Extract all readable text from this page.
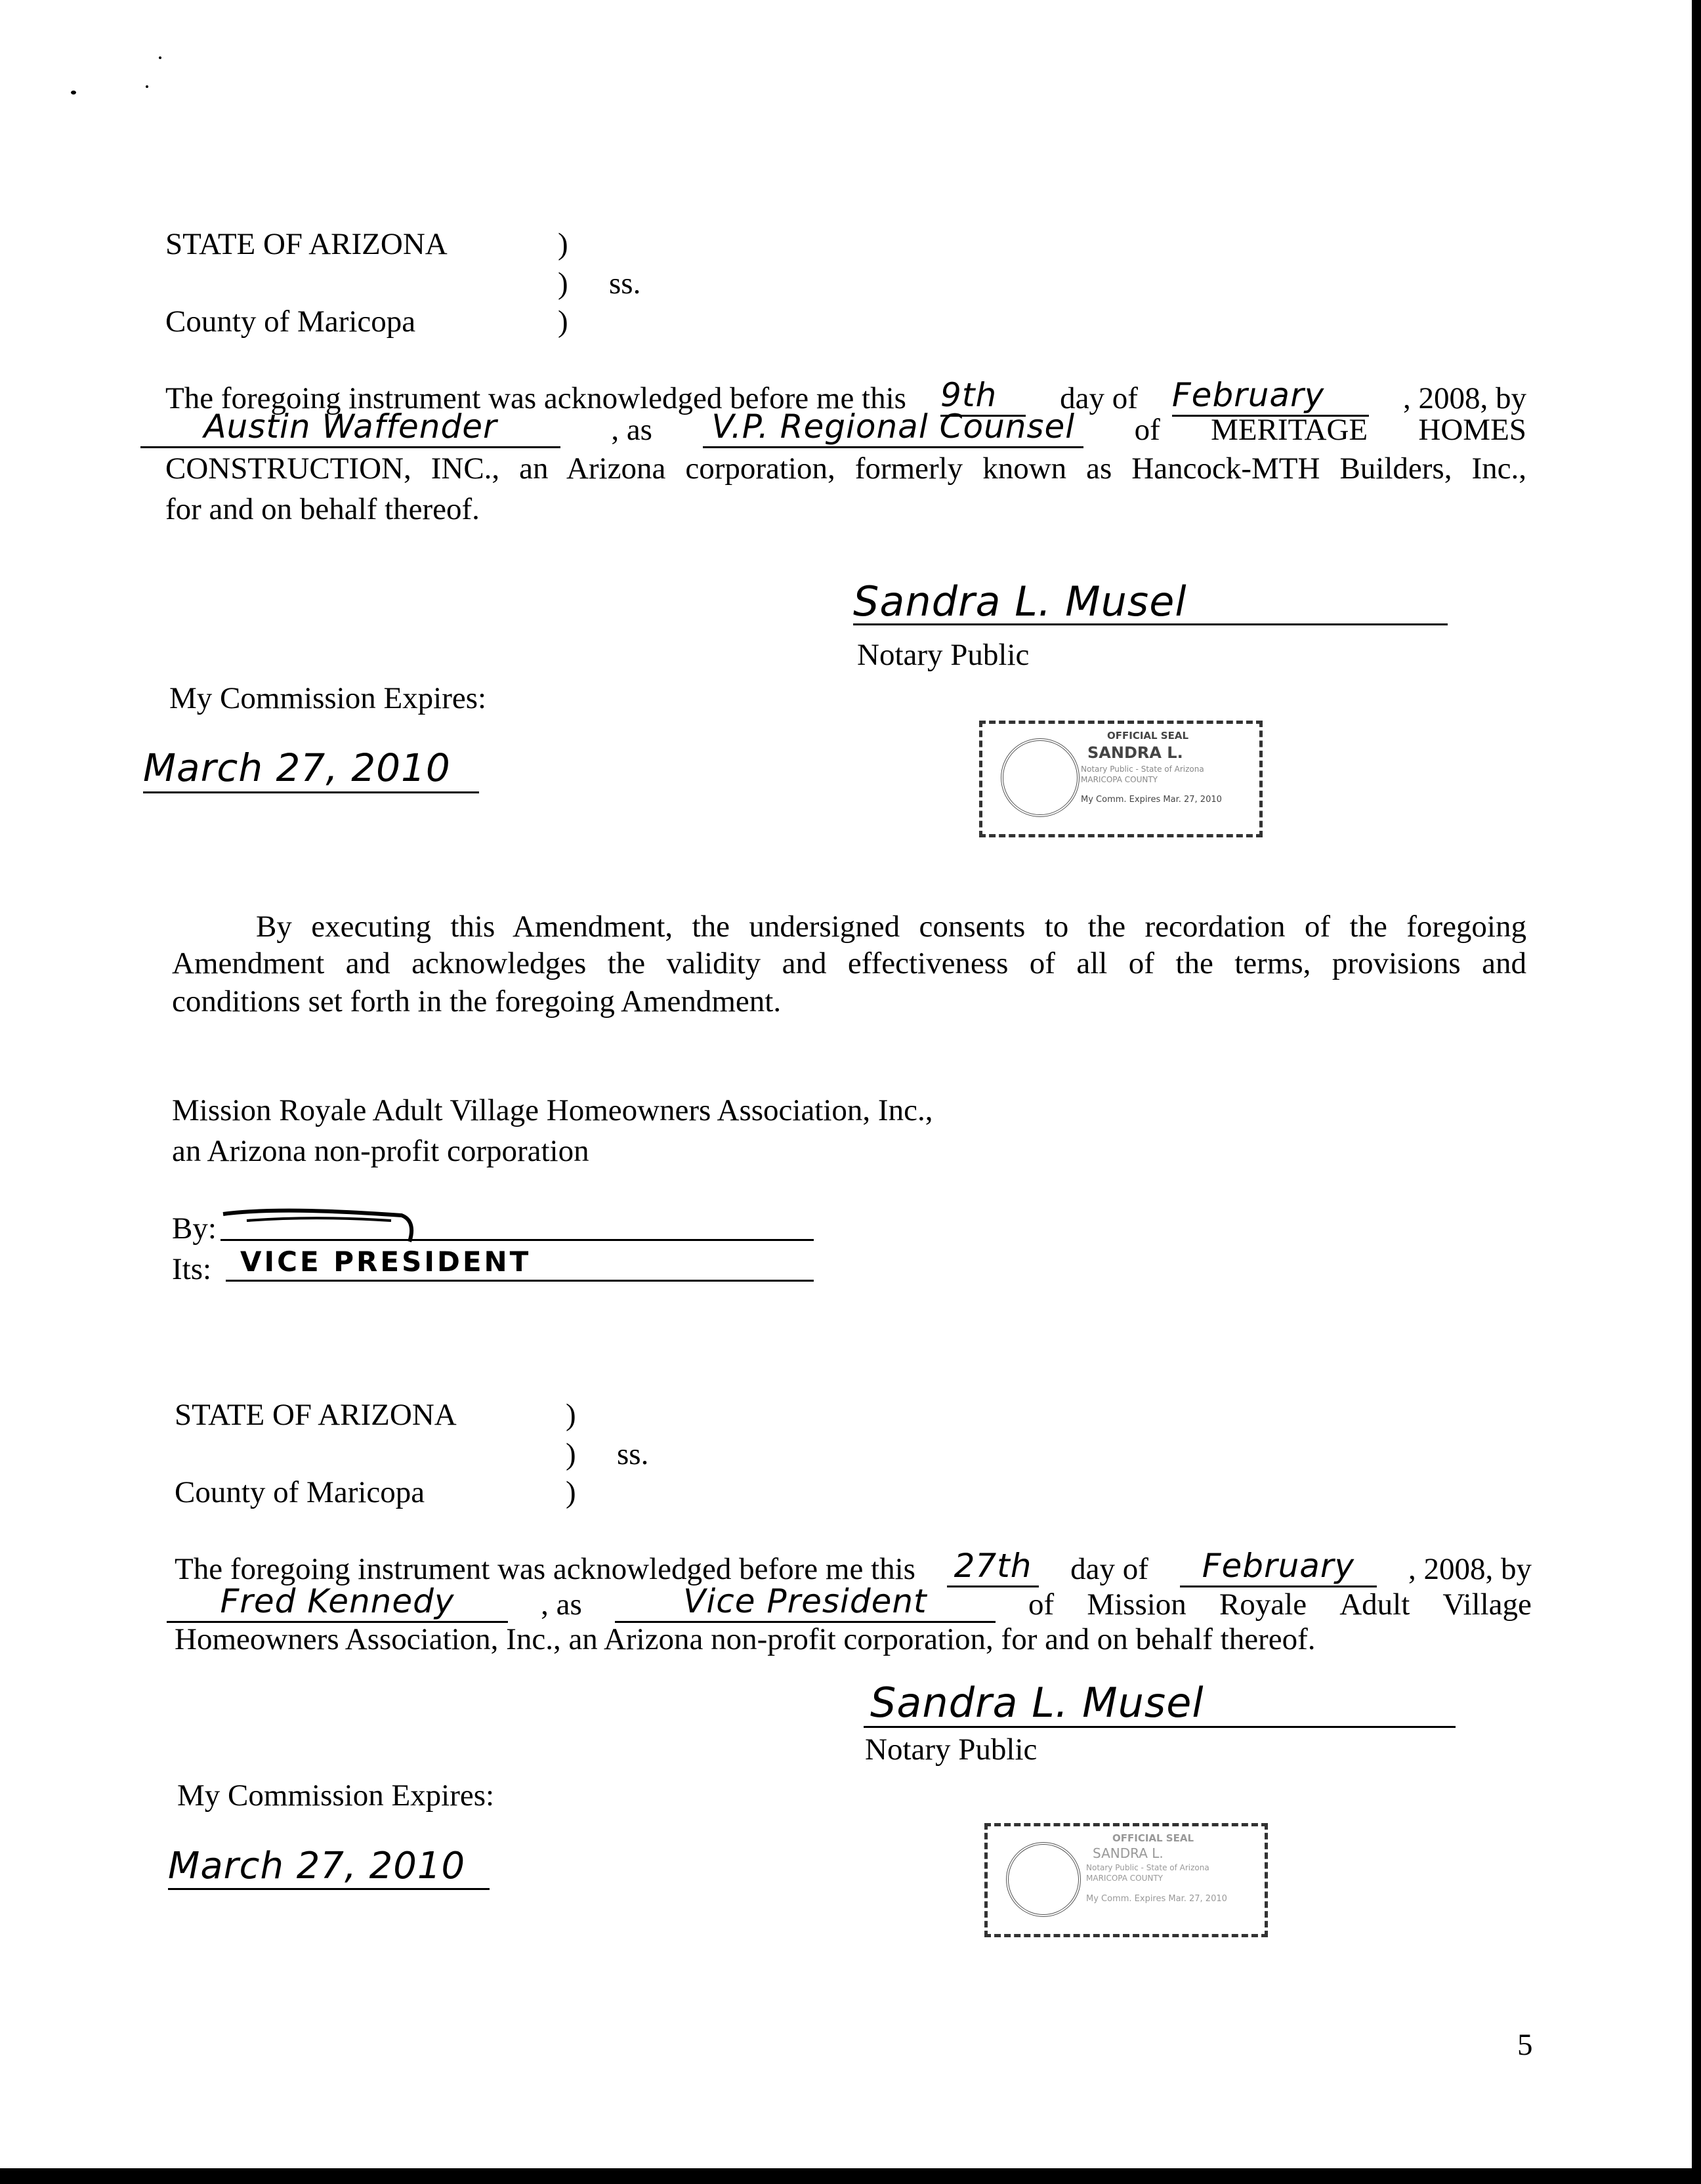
STATE OF ARIZONA	)
) ss.
County of Maricopa	)
The foregoing instrument was acknowledged before me this 9th	day of February	, 2008, by
Austin Waffender	, as V.P. Regional Counsel of MERITAGE HOMES
CONSTRUCTION, INC., an Arizona corporation, formerly known as Hancock-MTH Builders, Inc.,
for and on behalf thereof.
Sandra L. Musel
Notary Public
My Commission Expires:
March 27, 2010
OFFICIAL SEAL
SANDRA L.
Notary Public - State of Arizona
MARICOPA COUNTY
My Comm. Expires Mar. 27, 2010
By executing this Amendment, the undersigned consents to the recordation of the foregoing
Amendment and acknowledges the validity and effectiveness of all of the terms, provisions and
conditions set forth in the foregoing Amendment.
Mission Royale Adult Village Homeowners Association, Inc.,
an Arizona non-profit corporation
By:
Its: VICE PRESIDENT
STATE OF ARIZONA	)
) ss.
County of Maricopa	)
The foregoing instrument was acknowledged before me this 27th day of	February	, 2008, by
Fred Kennedy	, as	Vice President	of Mission Royale Adult Village
Homeowners Association, Inc., an Arizona non-profit corporation, for and on behalf thereof.
Sandra L. Musel
Notary Public
My Commission Expires:
March 27, 2010
OFFICIAL SEAL
SANDRA L.
Notary Public - State of Arizona
MARICOPA COUNTY
My Comm. Expires Mar. 27, 2010
5
